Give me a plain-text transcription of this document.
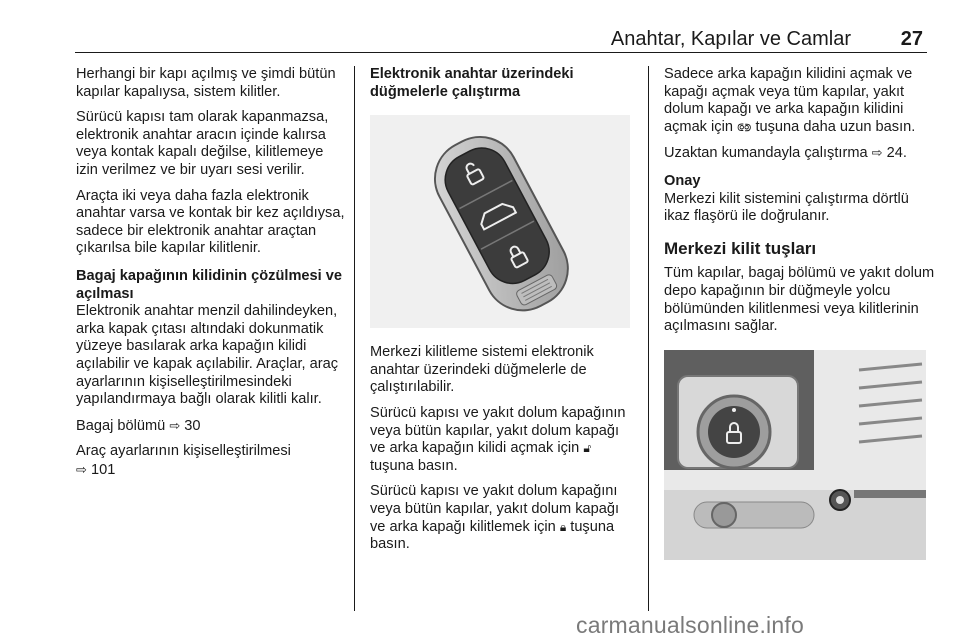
Anahtar, Kapılar ve Camlar 27

Herhangi bir kapı açılmış ve şimdi bütün kapılar kapalıysa, sistem kilitler.

Sürücü kapısı tam olarak kapanmazsa, elektronik anahtar aracın içinde kalırsa veya kontak kapalı değilse, kilitlemeye izin verilmez ve bir uyarı sesi verilir.

Araçta iki veya daha fazla elektronik anahtar varsa ve kontak bir kez açıldıysa, sadece bir elektronik anahtar araçtan çıkarılsa bile kapılar kilitlenir.

Bagaj kapağının kilidinin çözülmesi ve açılması

Elektronik anahtar menzil dahilindeyken, arka kapak çıtası altındaki dokunmatik yüzeye basılarak arka kapağın kilidi açılabilir ve kapak açılabilir. Araçlar, araç ayarlarının kişiselleştirilmesindeki yapılandırmaya bağlı olarak kilitli kalır.

Bagaj bölümü ⇨ 30

Araç ayarlarının kişiselleştirilmesi
⇨ 101

Elektronik anahtar üzerindeki düğmelerle çalıştırma

Merkezi kilitleme sistemi elektronik anahtar üzerindeki düğmelerle de çalıştırılabilir.

Sürücü kapısı ve yakıt dolum kapağının veya bütün kapılar, yakıt dolum kapağı ve arka kapağın kilidi açmak için 🔓︎ tuşuna basın.

Sürücü kapısı ve yakıt dolum kapağını veya bütün kapılar, yakıt dolum kapağı ve arka kapağı kilitlemek için 🔒︎ tuşuna basın.

Sadece arka kapağın kilidini açmak ve kapağı açmak veya tüm kapılar, yakıt dolum kapağı ve arka kapağın kilidini açmak için ⟃⟄ tuşuna daha uzun basın.

Uzaktan kumandayla çalıştırma ⇨ 24.

Onay

Merkezi kilit sistemini çalıştırma dörtlü ikaz flaşörü ile doğrulanır.

Merkezi kilit tuşları

Tüm kapılar, bagaj bölümü ve yakıt dolum depo kapağının bir düğmeyle yolcu bölümünden kilitlenmesi veya kilitlerinin açılmasını sağlar.

carmanualsonline.info
